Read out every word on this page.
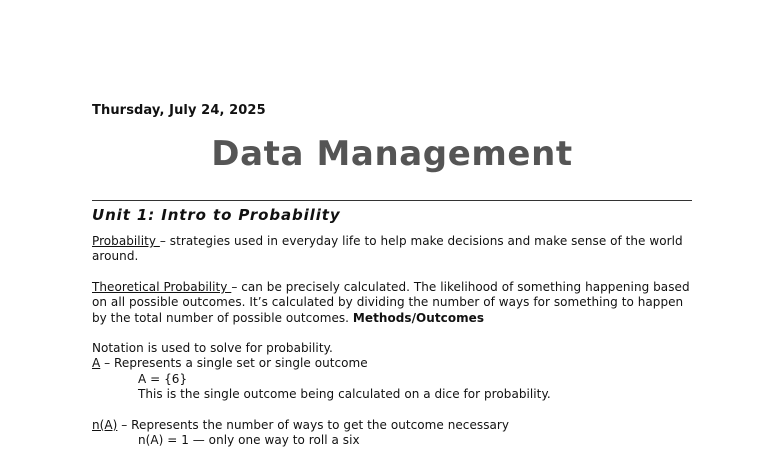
Thursday, July 24, 2025
Data Management
Unit 1: Intro to Probability
Probability – strategies used in everyday life to help make decisions and make sense of the world around.
Theoretical Probability – can be precisely calculated. The likelihood of something happening based on all possible outcomes. It’s calculated by dividing the number of ways for something to happen by the total number of possible outcomes. Methods/Outcomes
Notation is used to solve for probability.
A – Represents a single set or single outcome
A = {6}
This is the single outcome being calculated on a dice for probability.
n(A) – Represents the number of ways to get the outcome necessary
n(A) = 1 — only one way to roll a six
